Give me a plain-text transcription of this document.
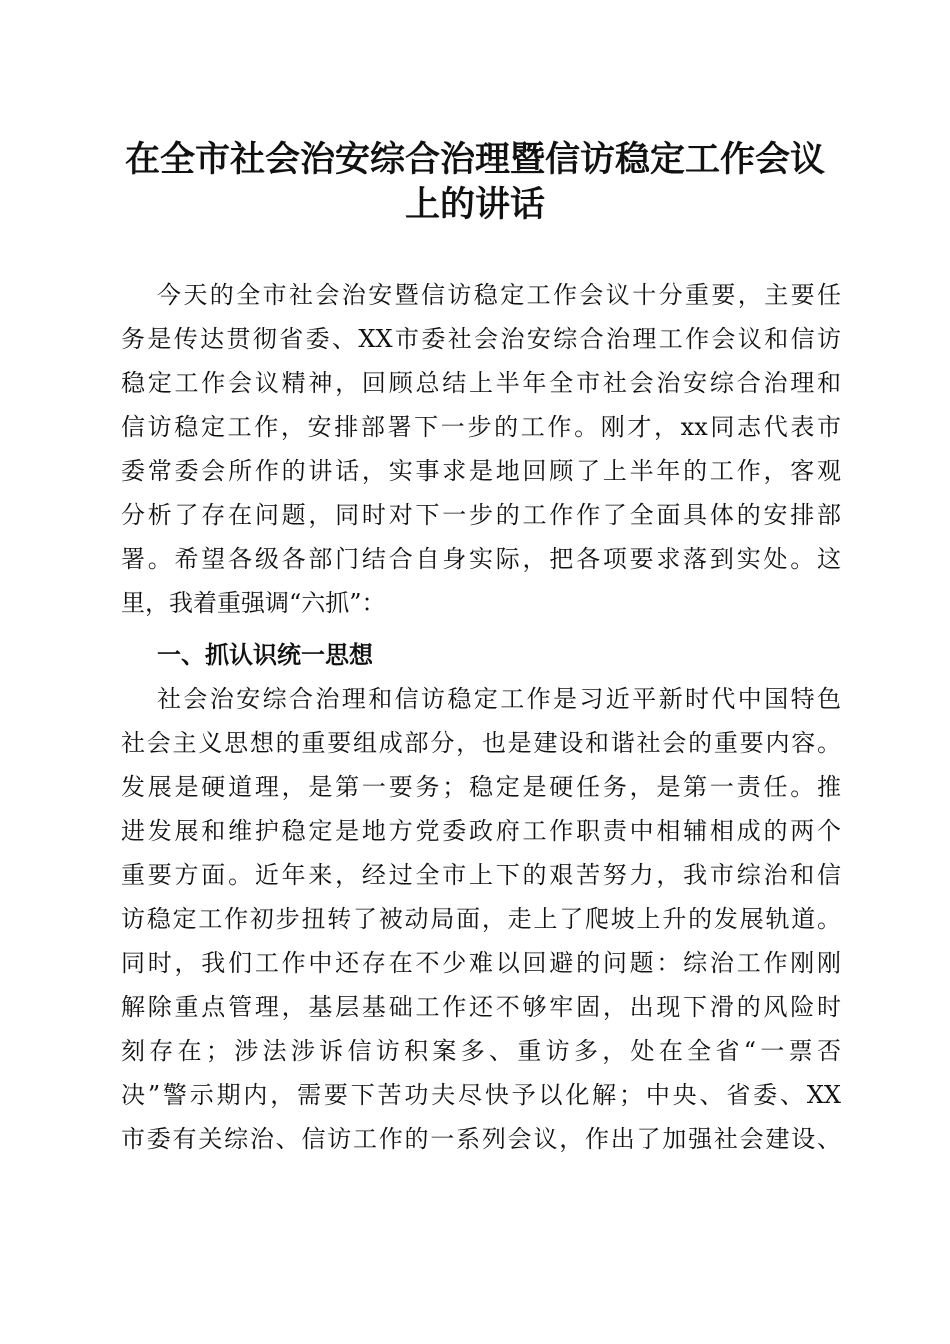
在全市社会治安综合治理暨信访稳定工作会议
上的讲话
今天的全市社会治安暨信访稳定工作会议十分重要，主要任
务是传达贯彻省委、XX市委社会治安综合治理工作会议和信访
稳定工作会议精神，回顾总结上半年全市社会治安综合治理和
信访稳定工作，安排部署下一步的工作。刚才，xx同志代表市
委常委会所作的讲话，实事求是地回顾了上半年的工作，客观
分析了存在问题，同时对下一步的工作作了全面具体的安排部
署。希望各级各部门结合自身实际，把各项要求落到实处。这
里，我着重强调“六抓”：
一、抓认识统一思想
社会治安综合治理和信访稳定工作是习近平新时代中国特色
社会主义思想的重要组成部分，也是建设和谐社会的重要内容。
发展是硬道理，是第一要务；稳定是硬任务，是第一责任。推
进发展和维护稳定是地方党委政府工作职责中相辅相成的两个
重要方面。近年来，经过全市上下的艰苦努力，我市综治和信
访稳定工作初步扭转了被动局面，走上了爬坡上升的发展轨道。
同时，我们工作中还存在不少难以回避的问题：综治工作刚刚
解除重点管理，基层基础工作还不够牢固，出现下滑的风险时
刻存在；涉法涉诉信访积案多、重访多，处在全省“一票否
决”警示期内，需要下苦功夫尽快予以化解；中央、省委、XX
市委有关综治、信访工作的一系列会议，作出了加强社会建设、
